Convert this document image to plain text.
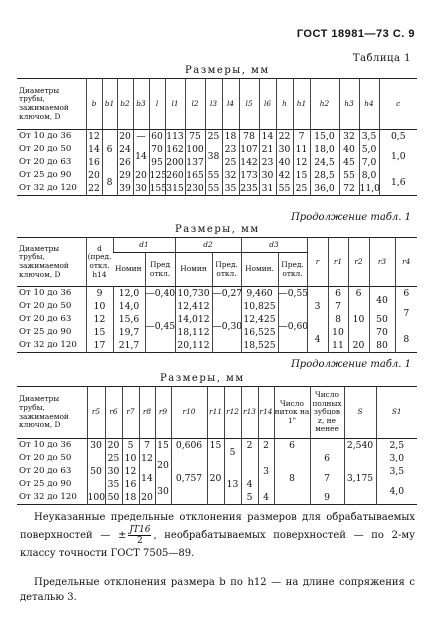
ГОСТ 18981—73 С. 9
Таблица 1
Размеры, мм
Диаметры трубы, зажимаемой ключом, D	b	b1	b2	b3	l	l1	l2	l3	l4	l5	l6	h	h1	h2	h3	h4	c
От 10 до 36	12	6	20	—	60	113	75	25	18	78	14	22	7	15,0	32	3,5	0,5
От 20 до 50	14		24	14	70	162	100	38	23	107	21	30	11	18,0	40	5,0	1,0
От 20 до 63	16		26		95	200	137		25	142	23	40	12	24,5	45	7,0	
От 25 до 90	20	8	29	20	125	260	165	55	32	173	30	42	15	28,5	55	8,0	1,6
От 32 до 120	22		39	30	155	315	230	55	35	235	31	55	25	36,0	72	11,0	
Продолжение табл. 1
Размеры, мм
Диаметры трубы, зажимаемой ключом, D	d (пред. откл. h14	d1		d2		d3		r	r1	r2	r3	r4
		Номин	Пред откл.	Номин	Пред. откл.	Номин.	Пред. откл.					
От 10 до 36	9	12,0	—0,40	10,730	—0,27	9,460	—0,55	3	6	6	40	6
От 20 до 50	10	14,0	—0,45	12,412	—0,30	10,825	—0,60		7	10		7
От 20 до 63	12	15,6		14,012		12,425			8		50	
От 25 до 90	15	19,7		18,112		16,525		4	10		70	8
От 32 до 120	17	21,7		20,112		18,525			11	20	80	
Продолжение табл. 1
Размеры, мм
Диаметры трубы, зажимаемой ключом, D	r5	r6	r7	r8	r9	r10	r11	r12	r13	r14	Число ниток на 1"	Число полных зубцов z, не менее	S	S1
От 10 до 36	30	20	5	7	15	0,606	15	5	2	2	6		2,540	2,5
От 20 до 50	50	25	10	12	20	0,757	20			3	8	6	3,175	3,0
От 20 до 63		30	12	14				13				7		3,5
От 25 до 90		35	16		30				4					4,0
От 32 до 120	100	50	18	20					5	4		9		
Неуказанные предельные отклонения размеров для обрабатываемых поверхностей — ± $\frac{JT16}{2}$ , необрабатываемых поверхностей — по 2-му классу точности ГОСТ 7505—89.
Предельные отклонения размера b по h12 — на длине сопряжения с деталью 3.
